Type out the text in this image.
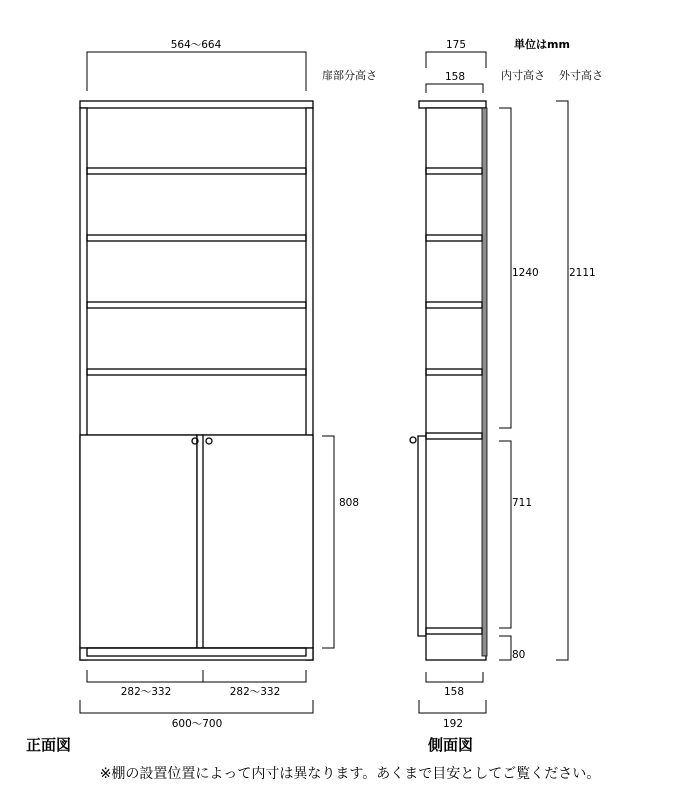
564～664
扉部分高さ
808
282～332	282～332
600～700
正面図
175	単位はmm
158	内寸高さ 外寸高さ
1240	2111
711
80
158
192
側面図
※棚の設置位置によって内寸は異なります。あくまで目安としてご覧ください。
